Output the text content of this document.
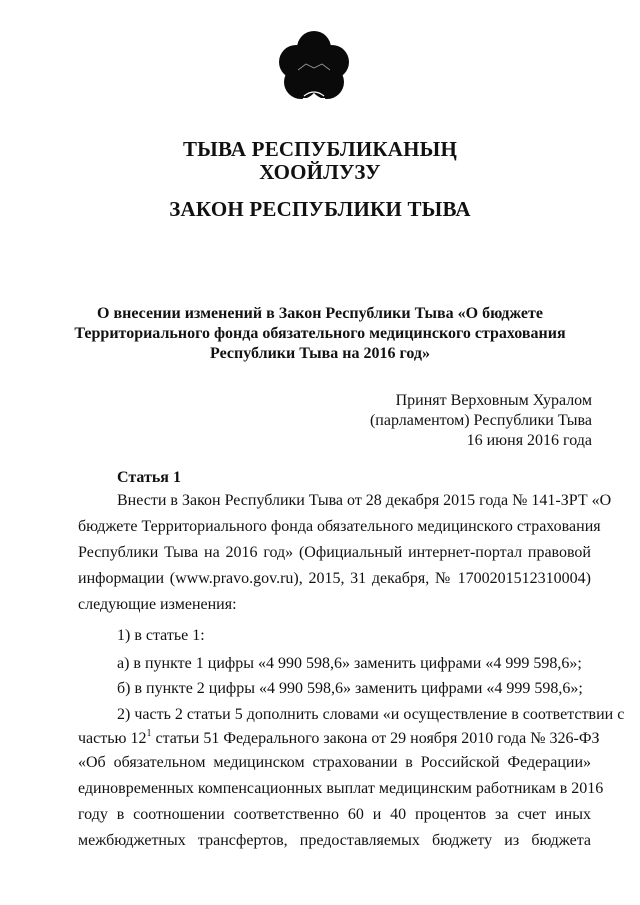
ТЫВА РЕСПУБЛИКАНЫҢ
ХООЙЛУЗУ
ЗАКОН РЕСПУБЛИКИ ТЫВА
О внесении изменений в Закон Республики Тыва «О бюджете
Территориального фонда обязательного медицинского страхования
Республики Тыва на 2016 год»
Принят Верховным Хуралом
(парламентом) Республики Тыва
16 июня 2016 года
Статья 1
Внести в Закон Республики Тыва от 28 декабря 2015 года № 141-ЗРТ «О
бюджете Территориального фонда обязательного медицинского страхования
Республики Тыва на 2016 год» (Официальный интернет-портал правовой
информации (www.pravo.gov.ru), 2015, 31 декабря, № 1700201512310004)
следующие изменения:
1) в статье 1:
а) в пункте 1 цифры «4 990 598,6» заменить цифрами «4 999 598,6»;
б) в пункте 2 цифры «4 990 598,6» заменить цифрами «4 999 598,6»;
2) часть 2 статьи 5 дополнить словами «и осуществление в соответствии с
частью $12^1$ статьи 51 Федерального закона от 29 ноября 2010 года № 326-ФЗ
«Об обязательном медицинском страховании в Российской Федерации»
единовременных компенсационных выплат медицинским работникам в 2016
году в соотношении соответственно 60 и 40 процентов за счет иных
межбюджетных трансфертов, предоставляемых бюджету из бюджета
